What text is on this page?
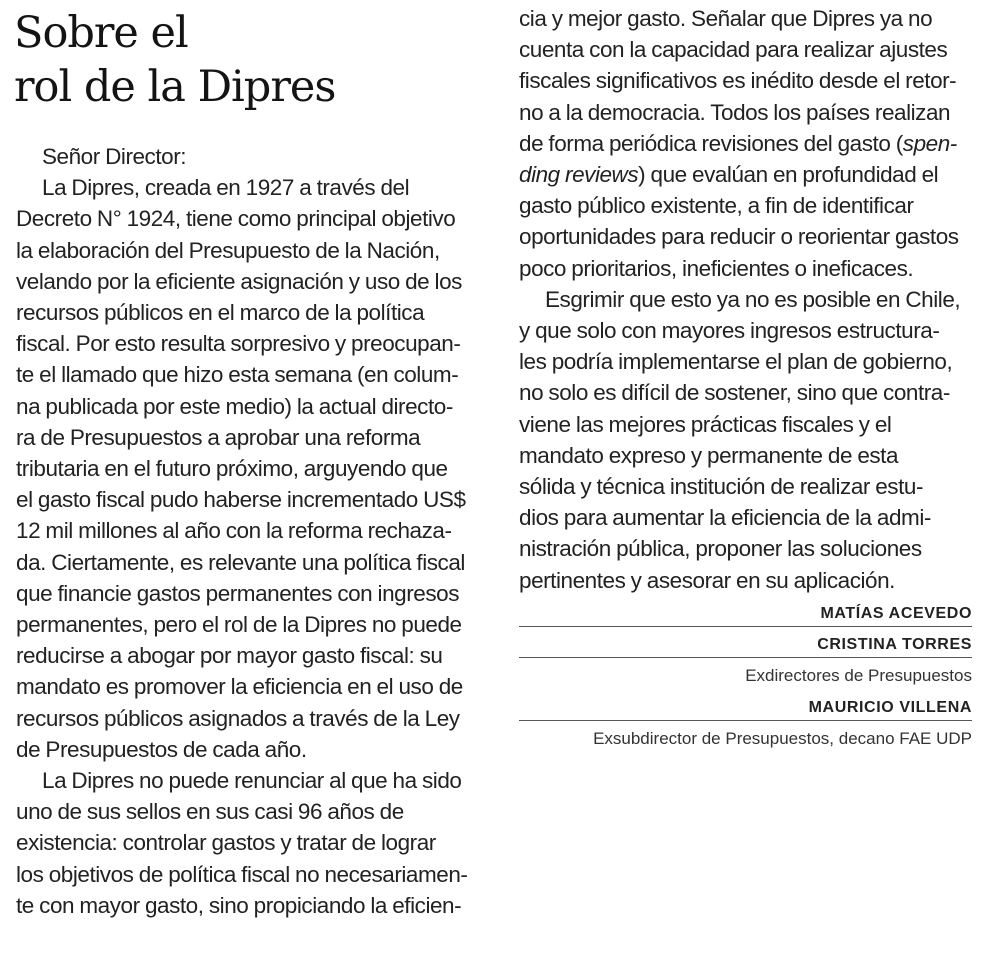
Sobre el
rol de la Dipres
Señor Director:
La Dipres, creada en 1927 a través del
Decreto N° 1924, tiene como principal objetivo
la elaboración del Presupuesto de la Nación,
velando por la eficiente asignación y uso de los
recursos públicos en el marco de la política
fiscal. Por esto resulta sorpresivo y preocupan-
te el llamado que hizo esta semana (en colum-
na publicada por este medio) la actual directo-
ra de Presupuestos a aprobar una reforma
tributaria en el futuro próximo, arguyendo que
el gasto fiscal pudo haberse incrementado US$
12 mil millones al año con la reforma rechaza-
da. Ciertamente, es relevante una política fiscal
que financie gastos permanentes con ingresos
permanentes, pero el rol de la Dipres no puede
reducirse a abogar por mayor gasto fiscal: su
mandato es promover la eficiencia en el uso de
recursos públicos asignados a través de la Ley
de Presupuestos de cada año.
La Dipres no puede renunciar al que ha sido
uno de sus sellos en sus casi 96 años de
existencia: controlar gastos y tratar de lograr
los objetivos de política fiscal no necesariamen-
te con mayor gasto, sino propiciando la eficien-
cia y mejor gasto. Señalar que Dipres ya no
cuenta con la capacidad para realizar ajustes
fiscales significativos es inédito desde el retor-
no a la democracia. Todos los países realizan
de forma periódica revisiones del gasto (spen-
ding reviews) que evalúan en profundidad el
gasto público existente, a fin de identificar
oportunidades para reducir o reorientar gastos
poco prioritarios, ineficientes o ineficaces.
Esgrimir que esto ya no es posible en Chile,
y que solo con mayores ingresos estructura-
les podría implementarse el plan de gobierno,
no solo es difícil de sostener, sino que contra-
viene las mejores prácticas fiscales y el
mandato expreso y permanente de esta
sólida y técnica institución de realizar estu-
dios para aumentar la eficiencia de la admi-
nistración pública, proponer las soluciones
pertinentes y asesorar en su aplicación.
MATÍAS ACEVEDO
CRISTINA TORRES
Exdirectores de Presupuestos
MAURICIO VILLENA
Exsubdirector de Presupuestos, decano FAE UDP
